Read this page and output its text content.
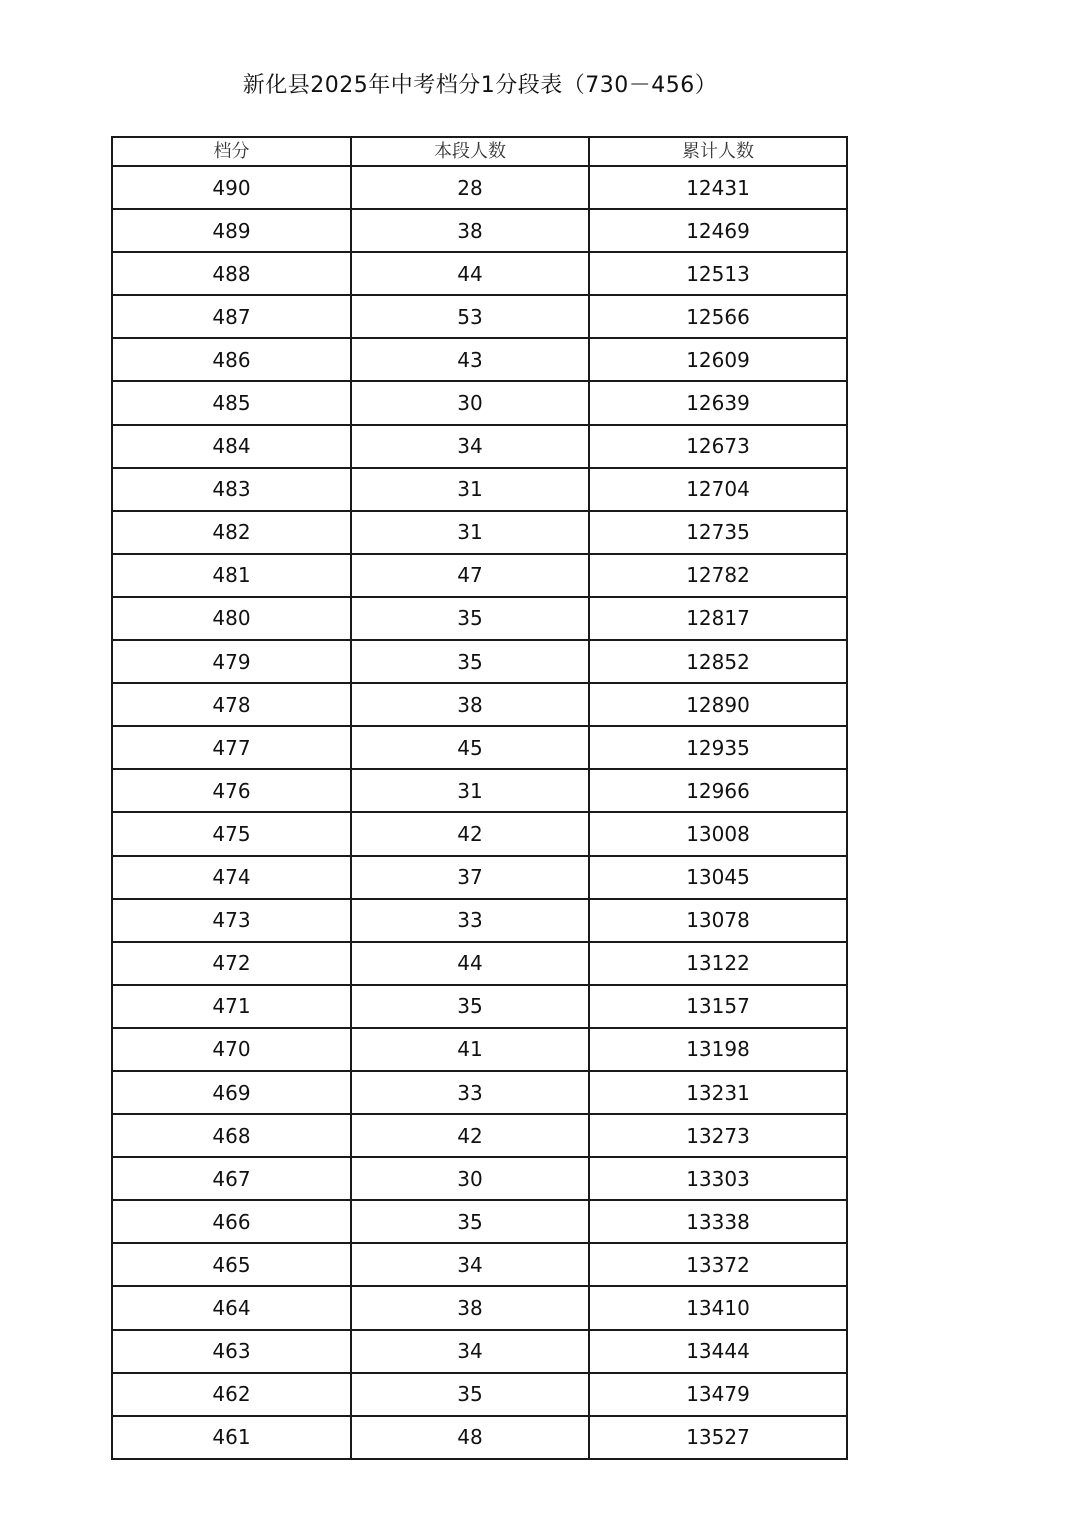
新化县2025年中考档分1分段表（730－456）
档分	本段人数	累计人数
490	28	12431
489	38	12469
488	44	12513
487	53	12566
486	43	12609
485	30	12639
484	34	12673
483	31	12704
482	31	12735
481	47	12782
480	35	12817
479	35	12852
478	38	12890
477	45	12935
476	31	12966
475	42	13008
474	37	13045
473	33	13078
472	44	13122
471	35	13157
470	41	13198
469	33	13231
468	42	13273
467	30	13303
466	35	13338
465	34	13372
464	38	13410
463	34	13444
462	35	13479
461	48	13527
